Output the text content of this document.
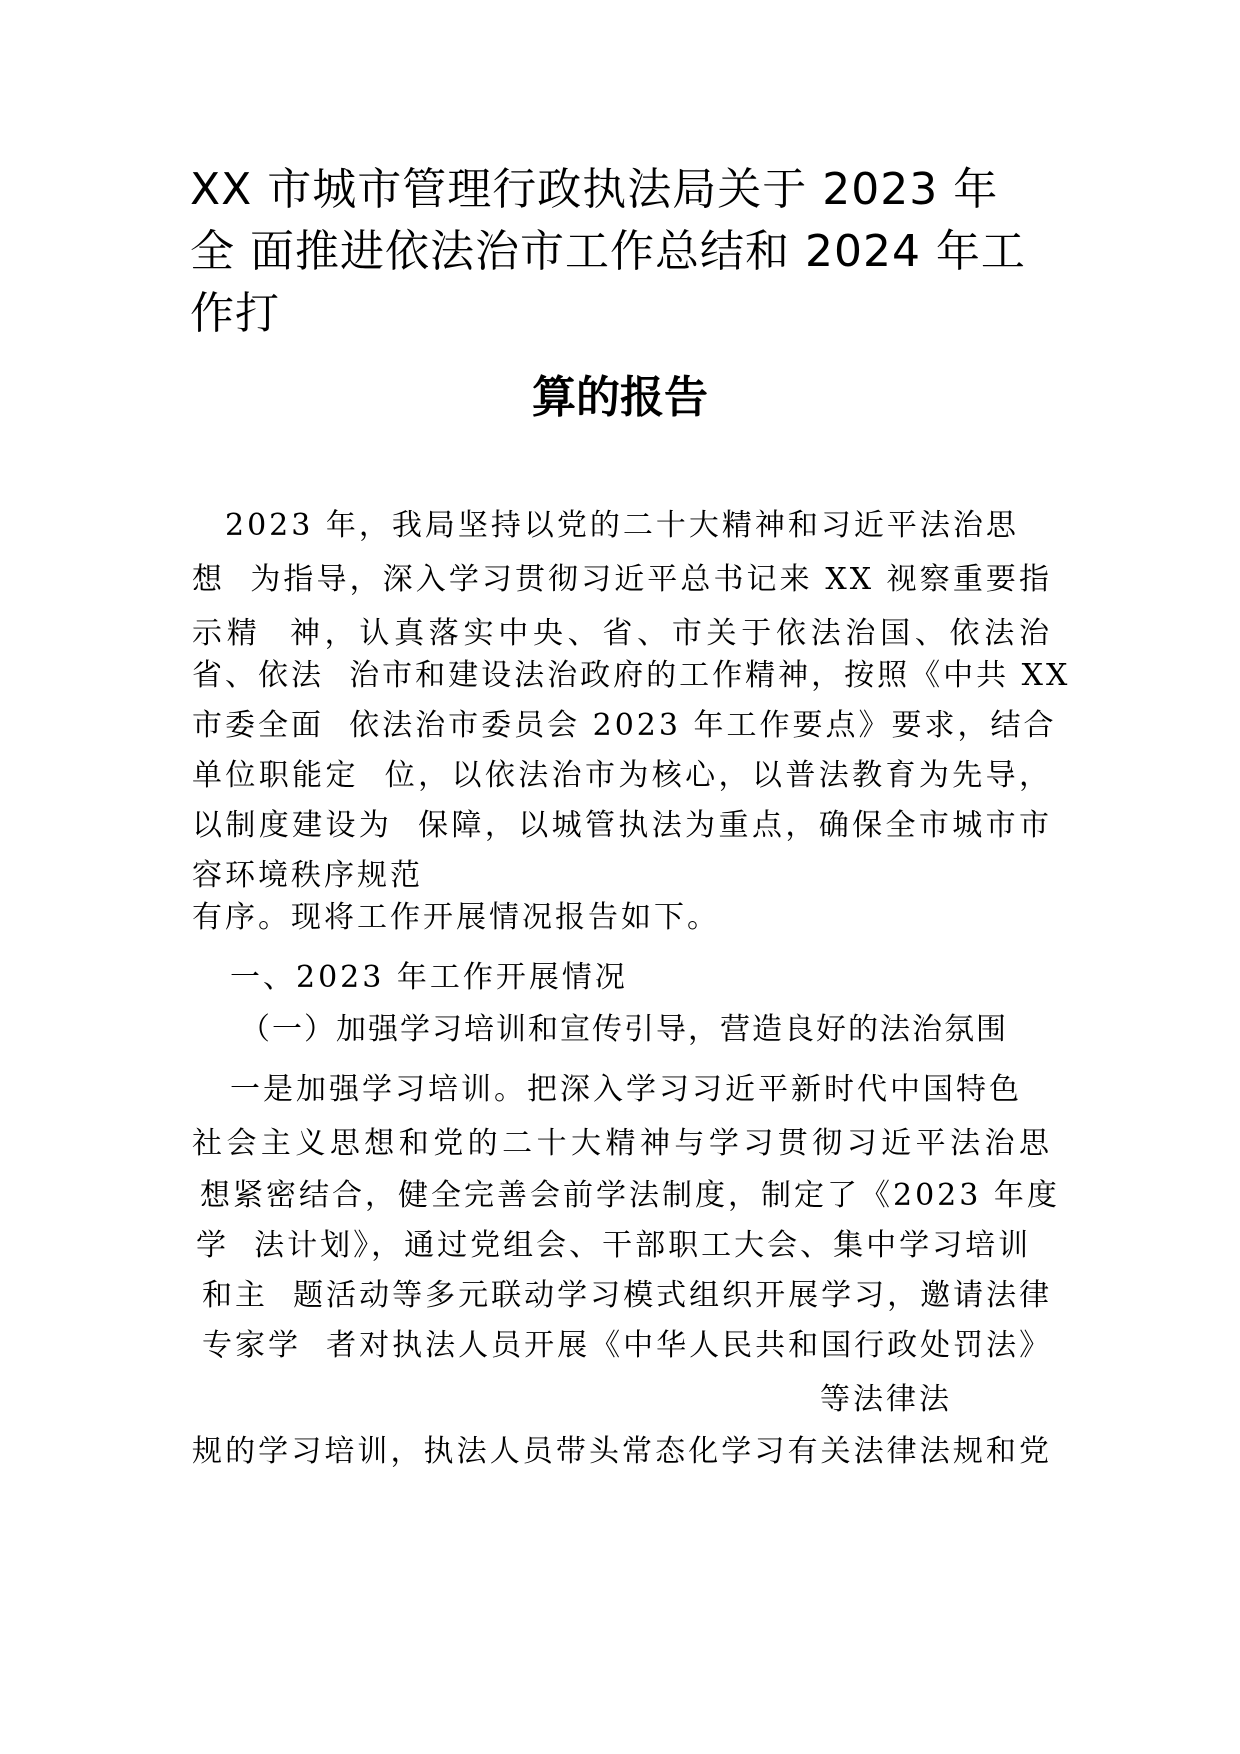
XX 市城市管理行政执法局关于 2023 年
全 面推进依法治市工作总结和 2024 年工
作打
算的报告
2023 年，我局坚持以党的二十大精神和习近平法治思
想  为指导，深入学习贯彻习近平总书记来 XX 视察重要指
示精  神，认真落实中央、省、市关于依法治国、依法治
省、依法  治市和建设法治政府的工作精神，按照《中共 XX
市委全面  依法治市委员会 2023 年工作要点》要求，结合
单位职能定  位，以依法治市为核心，以普法教育为先导，
以制度建设为  保障，以城管执法为重点，确保全市城市市
容环境秩序规范
有序。现将工作开展情况报告如下。
一、2023 年工作开展情况
（一）加强学习培训和宣传引导，营造良好的法治氛围
一是加强学习培训。把深入学习习近平新时代中国特色
社会主义思想和党的二十大精神与学习贯彻习近平法治思
想紧密结合，健全完善会前学法制度，制定了《2023 年度
学  法计划》，通过党组会、干部职工大会、集中学习培训
和主  题活动等多元联动学习模式组织开展学习，邀请法律
专家学  者对执法人员开展《中华人民共和国行政处罚法》
等法律法
规的学习培训，执法人员带头常态化学习有关法律法规和党
